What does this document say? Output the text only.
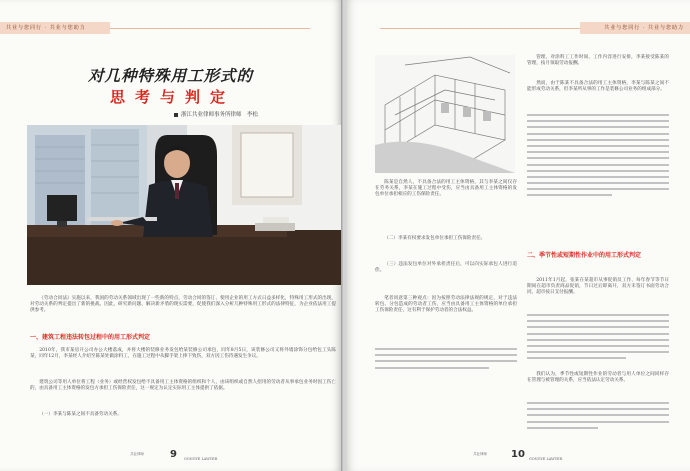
共业与您同行 · 共业与您助力
对几种特殊用工形式的
思考与判定
浙江共业律师事务所律师　 李松
《劳动合同法》实施以来，我国的劳动关系领域出现了一些新的特点，劳动合同的签订、使用企业的用工方式日益多样化，特殊用工形式的出现，对劳动关系的判定提出了新的挑战。因此，研究新问题、解决新矛盾的现实需要，促使我们深入分析几种特殊用工形式的法律特征，为企业依法用工提供参考。
一、建筑工程违法转包过程中的用工形式判定
2010年，我市某房开公司办公大楼落成，并将大楼的装修业务发包给某装修公司承包，同年8月5日，该装修公司又将外墙涂饰分包给包工头陈某，同年12月，李某经人介绍至陈某处做涂料工，在施工过程中从脚手架上摔下致伤，双方因工伤待遇发生争议。
建筑公司等用人单位将工程（业务）或经营权发包给不具备用工主体资格的组织和个人，由该组织或自然人招用的劳动者从事承包业务时因工伤亡的，由具备用工主体资格的发包方承担工伤保险责任，这一规定为认定实际用工主体提供了依据。
（一）李某与陈某之间不具备劳动关系。
共业律师	9 GONGYE LAWYER
共业与您同行 · 共业与您助力
陈某是自然人，不具备合法的用工主体资格，其与李某之间仅存在劳务关系，李某在施工过程中受伤，应当由具备用工主体资格的发包单位承担相应的工伤保险责任。
（二）李某有权要求发包单位承担工伤保险责任。
（三）违法发包单位对外承担责任后，可以向实际承包人进行追偿。
笔者同意第三种观点：因为按照劳动法律法规的规定，对于违法转包、分包造成的劳动者工伤，应当由具备用工主体资格的单位承担工伤保险责任，这有利于保护劳动者的合法权益。
管理，对涂料工工作时间、工作内容进行安排，李某接受陈某的管理，按月领取劳动报酬。
然而，由于陈某不具备合法的用工主体资格，李某与陈某之间不能形成劳动关系，但李某所从事的工作是装修公司业务的组成部分。
二、季节性或短期性作业中的用工形式判定
2011年1月起，张某在某超市从事促销员工作，每年春节等节日期间在超市负责商品促销，节日过后即离开，双方未签订书面劳动合同，超市按日支付报酬。
我们认为，季节性或短期性作业的劳动者与用人单位之间同样存在管理与被管理的关系，应当依法认定劳动关系。
共业律师 10 GONGYE LAWYER
